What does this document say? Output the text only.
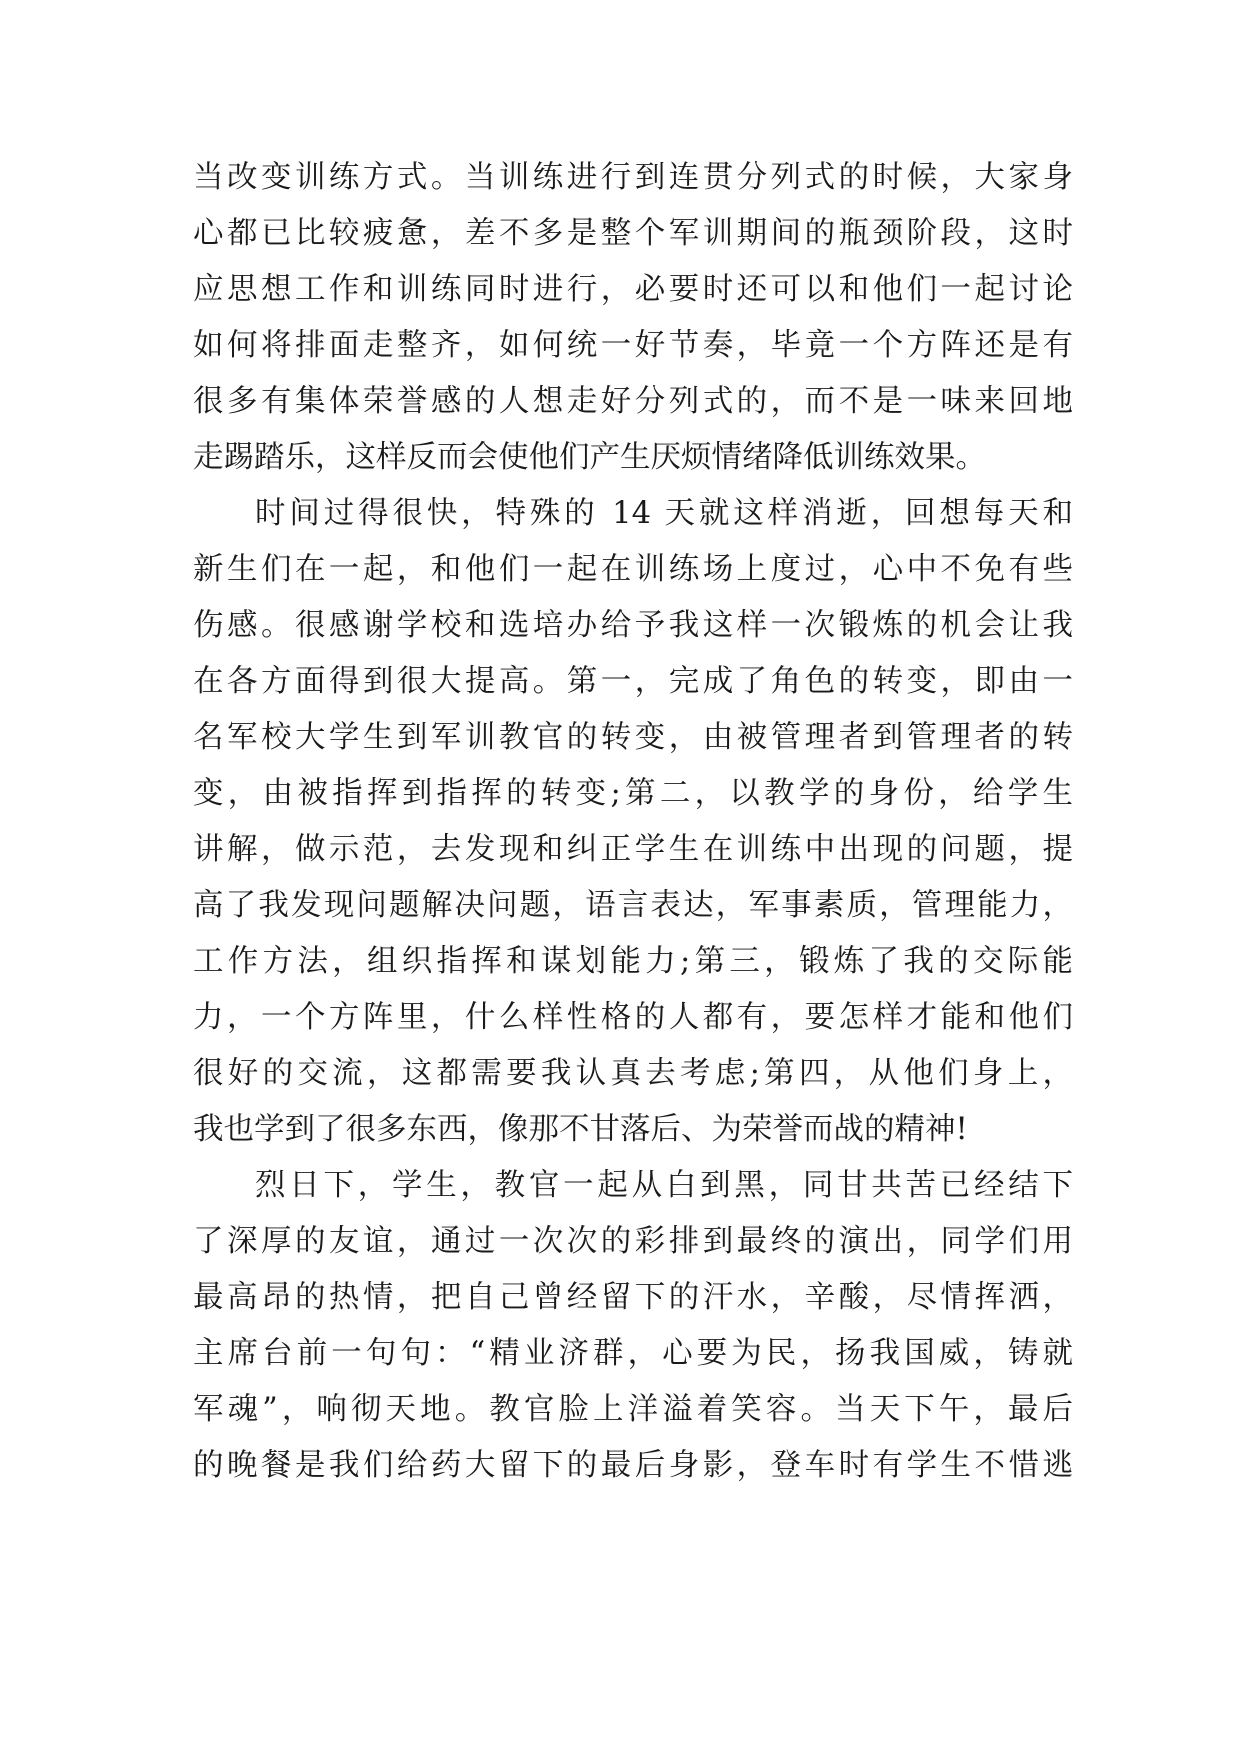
当改变训练方式。当训练进行到连贯分列式的时候，大家身
心都已比较疲惫，差不多是整个军训期间的瓶颈阶段，这时
应思想工作和训练同时进行，必要时还可以和他们一起讨论
如何将排面走整齐，如何统一好节奏，毕竟一个方阵还是有
很多有集体荣誉感的人想走好分列式的，而不是一味来回地
走踢踏乐，这样反而会使他们产生厌烦情绪降低训练效果。
时间过得很快，特殊的 14 天就这样消逝，回想每天和
新生们在一起，和他们一起在训练场上度过，心中不免有些
伤感。很感谢学校和选培办给予我这样一次锻炼的机会让我
在各方面得到很大提高。第一，完成了角色的转变，即由一
名军校大学生到军训教官的转变，由被管理者到管理者的转
变，由被指挥到指挥的转变;第二，以教学的身份，给学生
讲解，做示范，去发现和纠正学生在训练中出现的问题，提
高了我发现问题解决问题，语言表达，军事素质，管理能力，
工作方法，组织指挥和谋划能力;第三，锻炼了我的交际能
力，一个方阵里，什么样性格的人都有，要怎样才能和他们
很好的交流，这都需要我认真去考虑;第四，从他们身上，
我也学到了很多东西，像那不甘落后、为荣誉而战的精神!
烈日下，学生，教官一起从白到黑，同甘共苦已经结下
了深厚的友谊，通过一次次的彩排到最终的演出，同学们用
最高昂的热情，把自己曾经留下的汗水，辛酸，尽情挥洒，
主席台前一句句：“精业济群，心要为民，扬我国威，铸就
军魂”，响彻天地。教官脸上洋溢着笑容。当天下午，最后
的晚餐是我们给药大留下的最后身影，登车时有学生不惜逃
